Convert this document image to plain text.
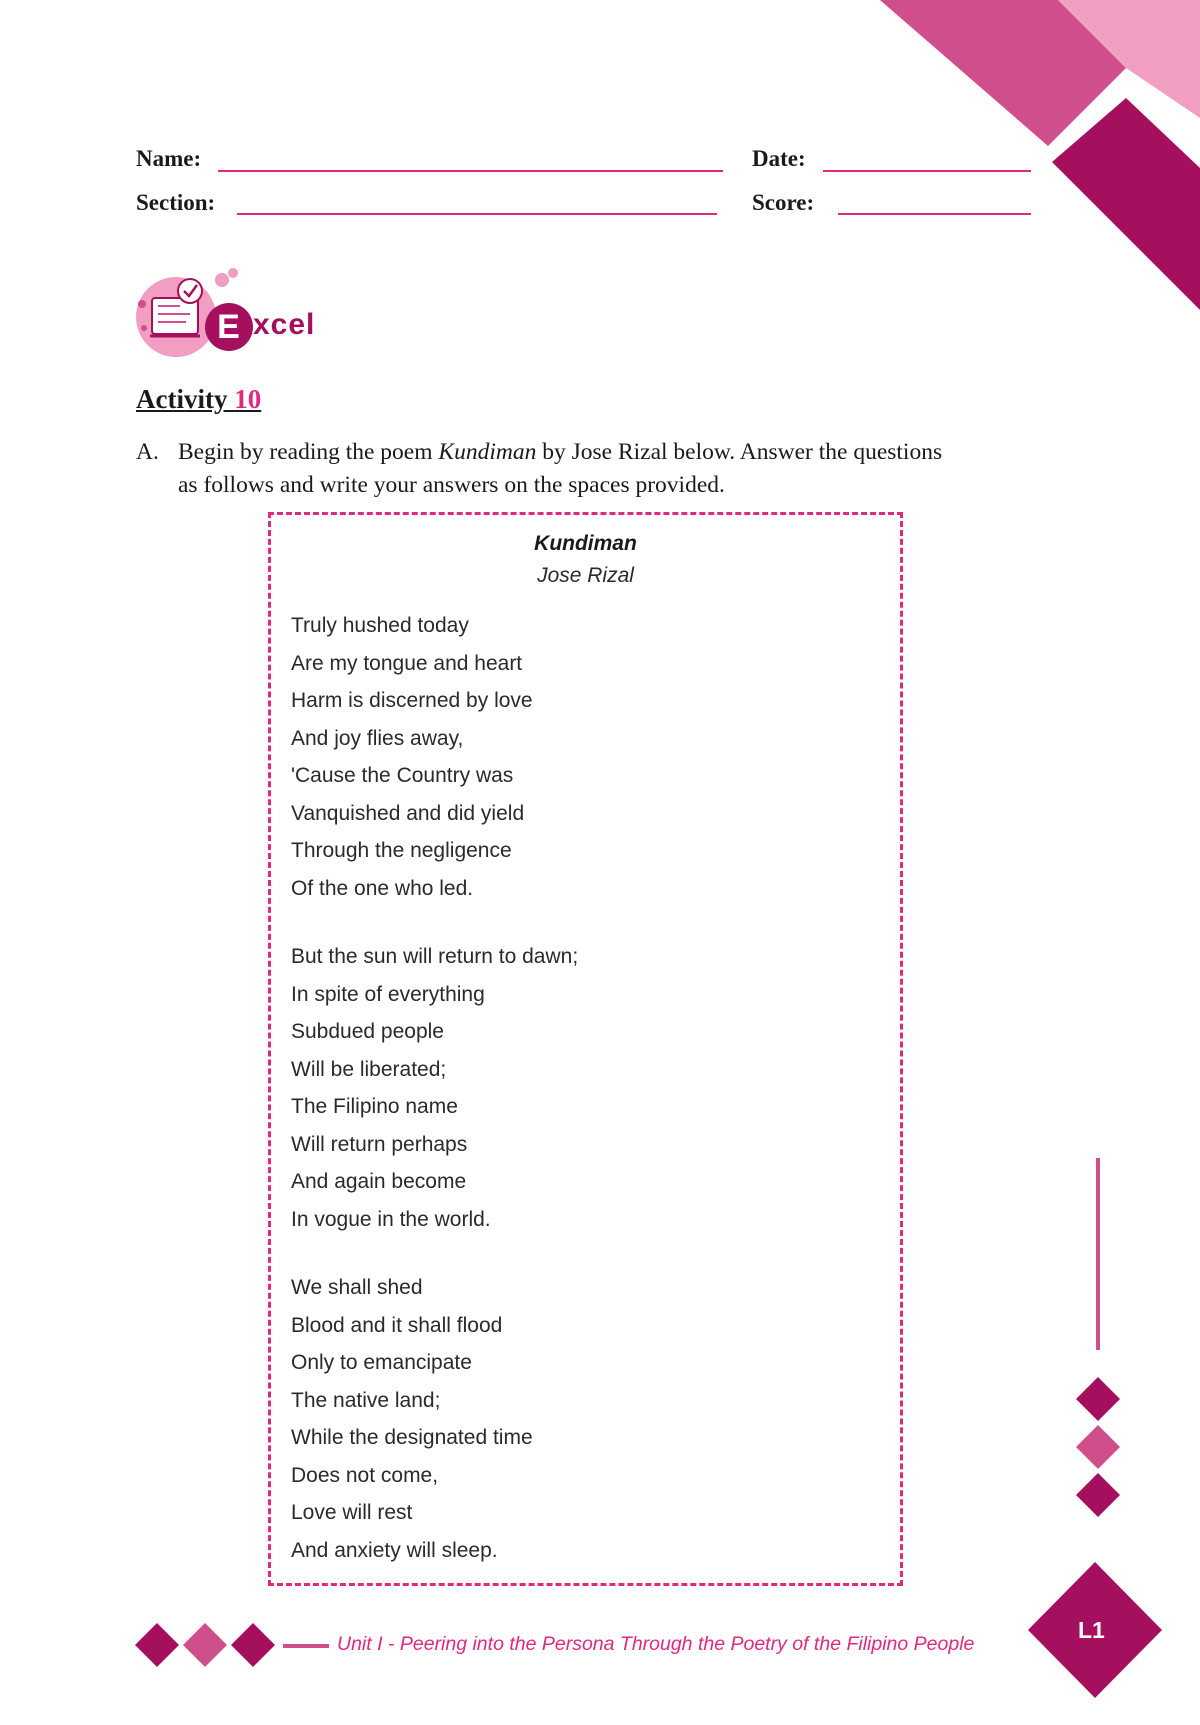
Name:	Date:
Section:	Score:
E xcel
Activity 10
A. Begin by reading the poem Kundiman by Jose Rizal below. Answer the questions
as follows and write your answers on the spaces provided.
Kundiman
Jose Rizal
Truly hushed today
Are my tongue and heart
Harm is discerned by love
And joy flies away,
'Cause the Country was
Vanquished and did yield
Through the negligence
Of the one who led.
But the sun will return to dawn;
In spite of everything
Subdued people
Will be liberated;
The Filipino name
Will return perhaps
And again become
In vogue in the world.
We shall shed
Blood and it shall flood
Only to emancipate
The native land;
While the designated time
Does not come,
Love will rest
And anxiety will sleep.
Unit I - Peering into the Persona Through the Poetry of the Filipino People
L1
